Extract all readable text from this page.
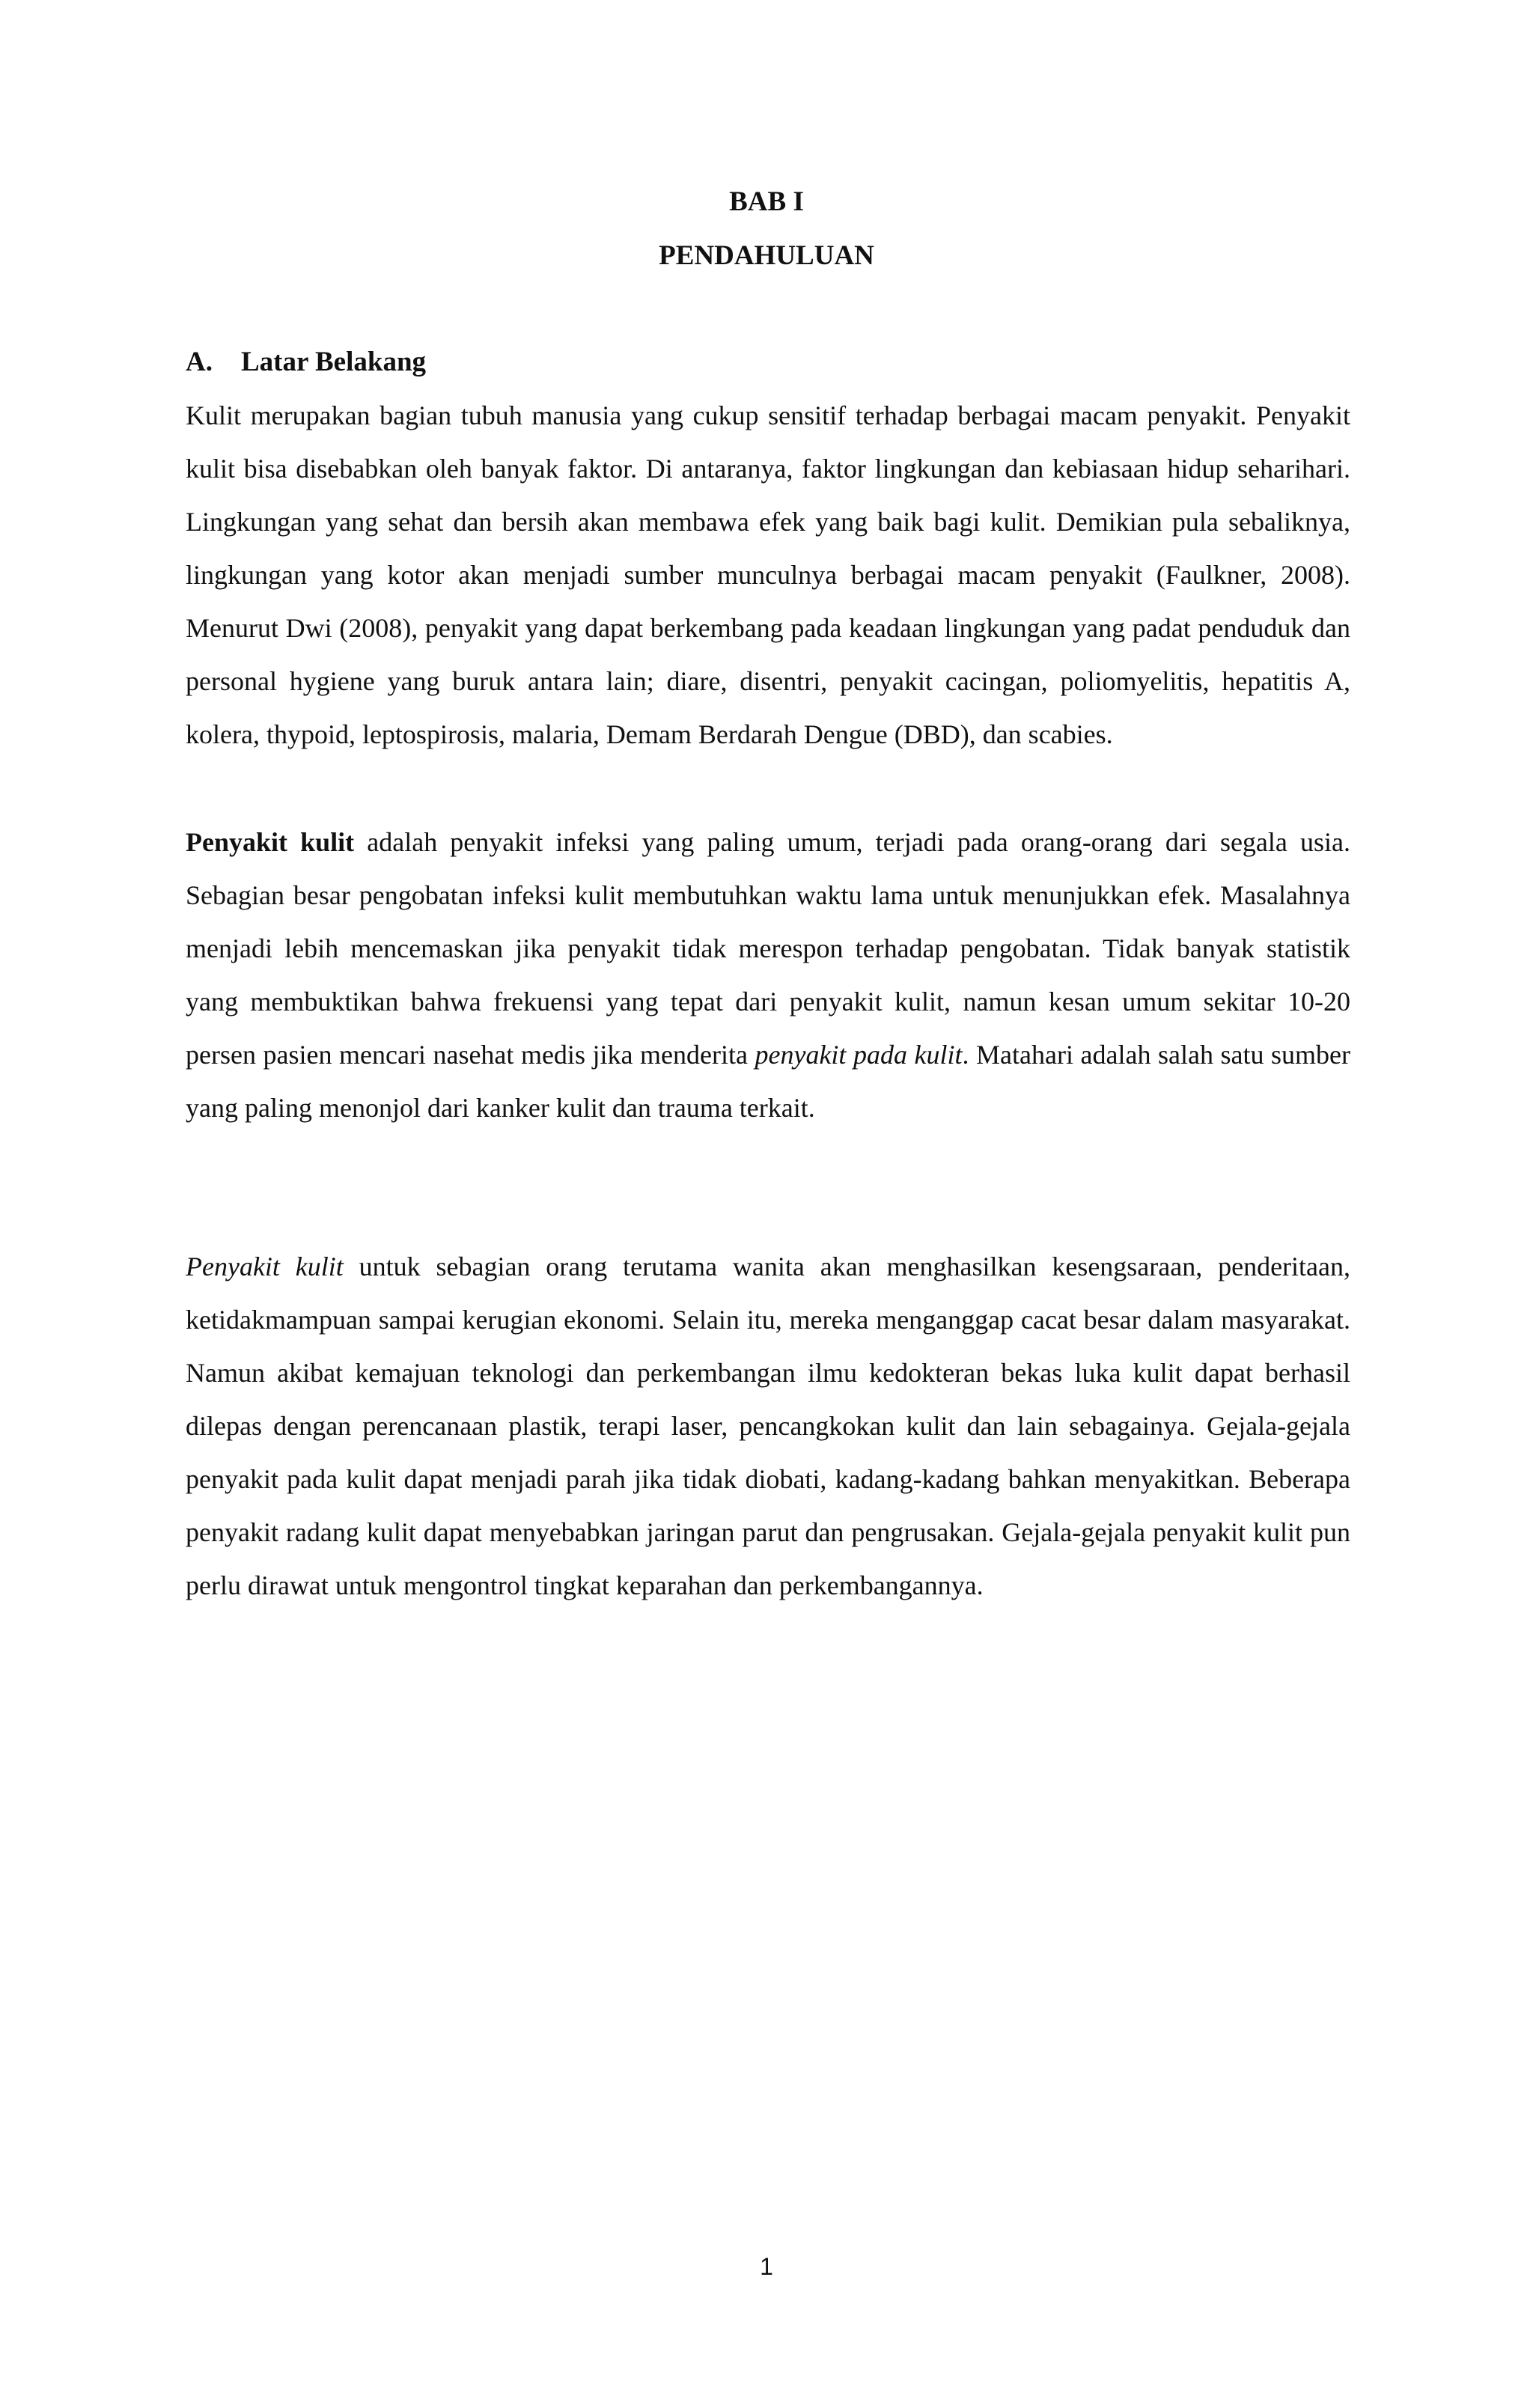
BAB I
PENDAHULUAN
A. Latar Belakang

Kulit merupakan bagian tubuh manusia yang cukup sensitif terhadap berbagai macam penyakit. Penyakit kulit bisa disebabkan oleh banyak faktor. Di antaranya, faktor lingkungan dan kebiasaan hidup seharihari. Lingkungan yang sehat dan bersih akan membawa efek yang baik bagi kulit. Demikian pula sebaliknya, lingkungan yang kotor akan menjadi sumber munculnya berbagai macam penyakit (Faulkner, 2008). Menurut Dwi (2008), penyakit yang dapat berkembang pada keadaan lingkungan yang padat penduduk dan personal hygiene yang buruk antara lain; diare, disentri, penyakit cacingan, poliomyelitis, hepatitis A, kolera, thypoid, leptospirosis, malaria, Demam Berdarah Dengue (DBD), dan scabies.

Penyakit kulit adalah penyakit infeksi yang paling umum, terjadi pada orang-orang dari segala usia. Sebagian besar pengobatan infeksi kulit membutuhkan waktu lama untuk menunjukkan efek. Masalahnya menjadi lebih mencemaskan jika penyakit tidak merespon terhadap pengobatan. Tidak banyak statistik yang membuktikan bahwa frekuensi yang tepat dari penyakit kulit, namun kesan umum sekitar 10-20 persen pasien mencari nasehat medis jika menderita penyakit pada kulit. Matahari adalah salah satu sumber yang paling menonjol dari kanker kulit dan trauma terkait.

Penyakit kulit untuk sebagian orang terutama wanita akan menghasilkan kesengsaraan, penderitaan, ketidakmampuan sampai kerugian ekonomi. Selain itu, mereka menganggap cacat besar dalam masyarakat. Namun akibat kemajuan teknologi dan perkembangan ilmu kedokteran bekas luka kulit dapat berhasil dilepas dengan perencanaan plastik, terapi laser, pencangkokan kulit dan lain sebagainya. Gejala-gejala penyakit pada kulit dapat menjadi parah jika tidak diobati, kadang-kadang bahkan menyakitkan. Beberapa penyakit radang kulit dapat menyebabkan jaringan parut dan pengrusakan. Gejala-gejala penyakit kulit pun perlu dirawat untuk mengontrol tingkat keparahan dan perkembangannya.

1
